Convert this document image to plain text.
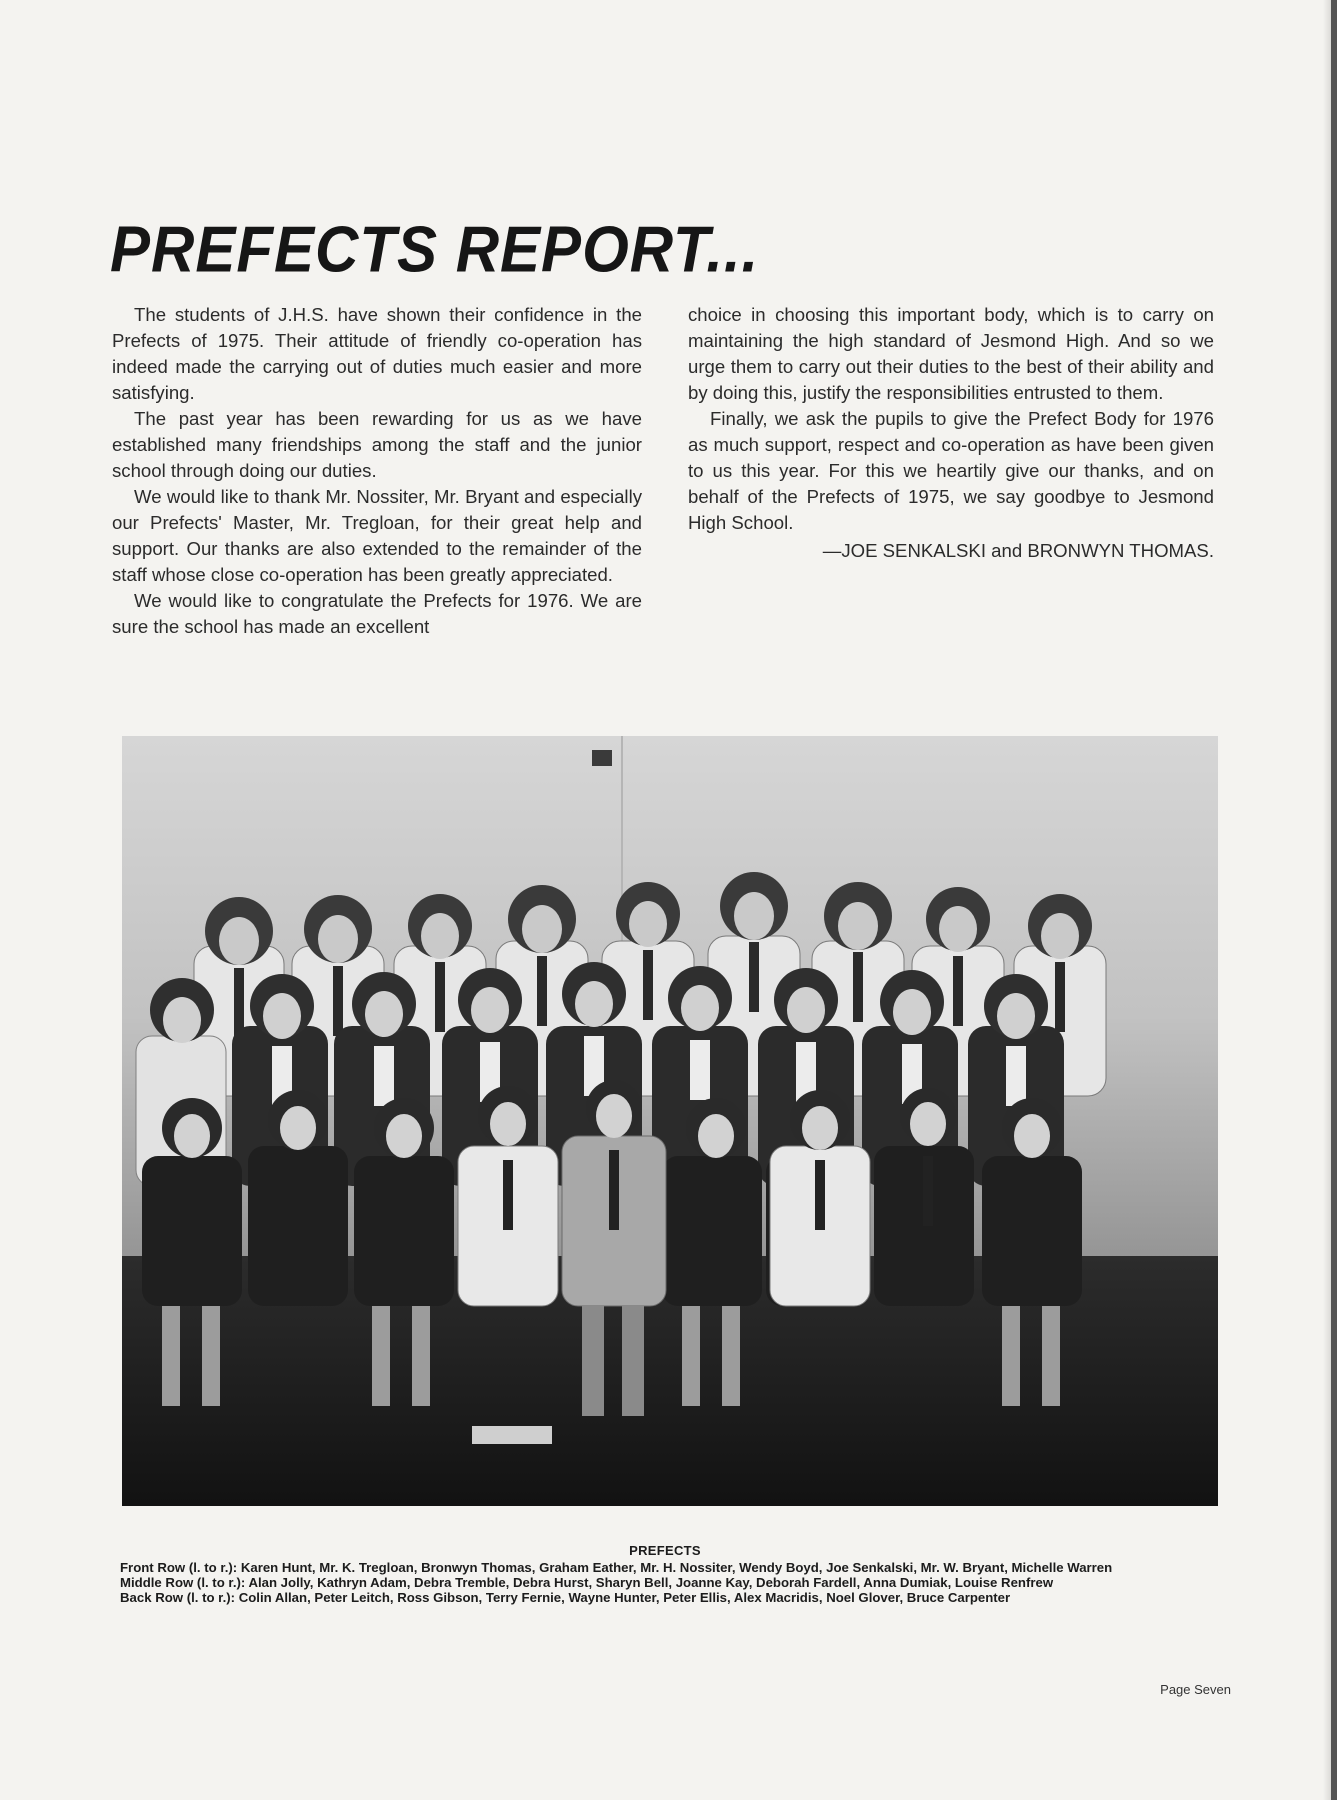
PREFECTS REPORT...

The students of J.H.S. have shown their confidence in the Prefects of 1975. Their attitude of friendly co-operation has indeed made the carrying out of duties much easier and more satisfying.

The past year has been rewarding for us as we have established many friendships among the staff and the junior school through doing our duties.

We would like to thank Mr. Nossiter, Mr. Bryant and especially our Prefects' Master, Mr. Tregloan, for their great help and support. Our thanks are also extended to the remainder of the staff whose close co-operation has been greatly appreciated.

We would like to congratulate the Prefects for 1976. We are sure the school has made an excellent

choice in choosing this important body, which is to carry on maintaining the high standard of Jesmond High. And so we urge them to carry out their duties to the best of their ability and by doing this, justify the responsibilities entrusted to them.

Finally, we ask the pupils to give the Prefect Body for 1976 as much support, respect and co-operation as have been given to us this year. For this we heartily give our thanks, and on behalf of the Prefects of 1975, we say goodbye to Jesmond High School.

—JOE SENKALSKI and BRONWYN THOMAS.

PREFECTS
Front Row (l. to r.): Karen Hunt, Mr. K. Tregloan, Bronwyn Thomas, Graham Eather, Mr. H. Nossiter, Wendy Boyd, Joe Senkalski, Mr. W. Bryant, Michelle Warren
Middle Row (l. to r.): Alan Jolly, Kathryn Adam, Debra Tremble, Debra Hurst, Sharyn Bell, Joanne Kay, Deborah Fardell, Anna Dumiak, Louise Renfrew
Back Row (l. to r.): Colin Allan, Peter Leitch, Ross Gibson, Terry Fernie, Wayne Hunter, Peter Ellis, Alex Macridis, Noel Glover, Bruce Carpenter
Page Seven
